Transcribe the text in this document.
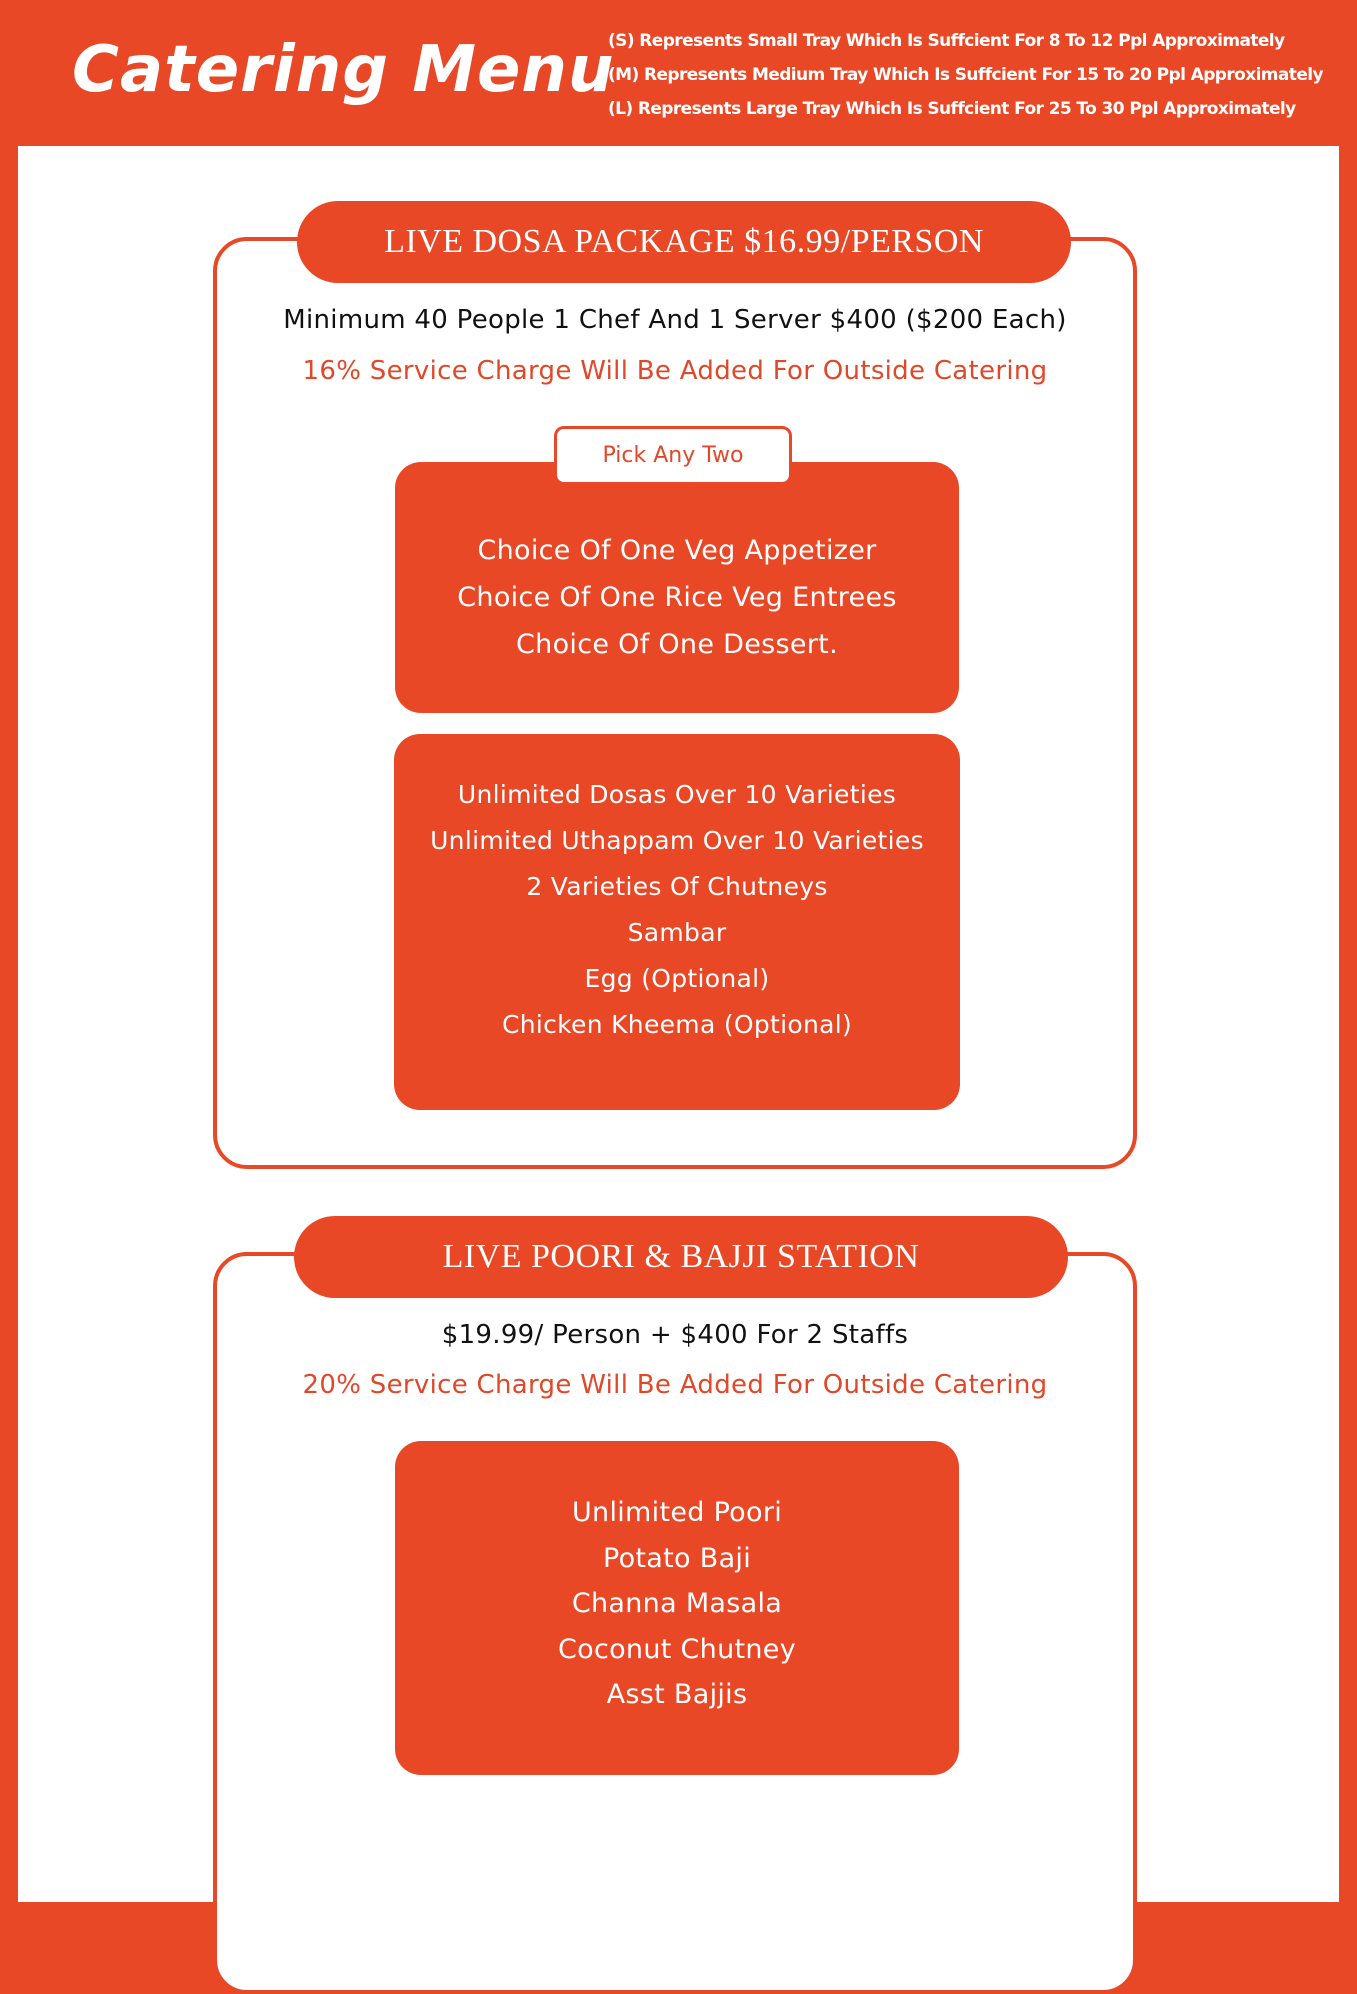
Catering Menu
(S) Represents Small Tray Which Is Suffcient For 8 To 12 Ppl Approximately
(M) Represents Medium Tray Which Is Suffcient For 15 To 20 Ppl Approximately
(L) Represents Large Tray Which Is Suffcient For 25 To 30 Ppl Approximately
LIVE DOSA PACKAGE $16.99/PERSON

Minimum 40 People 1 Chef And 1 Server $400 ($200 Each)

16% Service Charge Will Be Added For Outside Catering

Choice Of One Veg Appetizer
Choice Of One Rice Veg Entrees
Choice Of One Dessert.
Pick Any Two
Unlimited Dosas Over 10 Varieties
Unlimited Uthappam Over 10 Varieties
2 Varieties Of Chutneys
Sambar
Egg (Optional)
Chicken Kheema (Optional)
LIVE POORI & BAJJI STATION

$19.99/ Person + $400 For 2 Staffs

20% Service Charge Will Be Added For Outside Catering

Unlimited Poori
Potato Baji
Channa Masala
Coconut Chutney
Asst Bajjis
